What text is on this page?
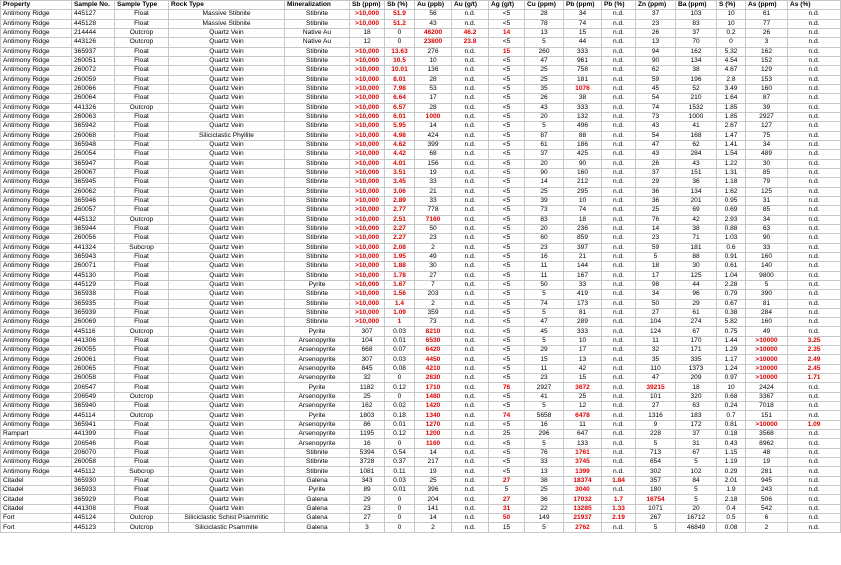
Property	Sample No.	Sample Type	Rock Type	Mineralization	Sb (ppm)	Sb (%)	Au (ppb)	Au (g/t)	Ag (g/t)	Cu (ppm)	Pb (ppm)	Pb (%)	Zn (ppm)	Ba (ppm)	S (%)	As (ppm)	As (%)
Antimony Ridge	445127	Float	Massive Stibnite	Stibnite	>10,000	51.9	56	n.d.	<5	28	34	n.d.	37	103	10	61	n.d.
Antimony Ridge	445128	Float	Massive Stibnite	Stibnite	>10,000	51.2	43	n.d.	<5	78	74	n.d.	23	83	10	77	n.d.
Antimony Ridge	214444	Outcrop	Quartz Vein	Native Au	18	0	46200	46.2	14	13	15	n.d.	26	37	0.2	26	n.d.
Antimony Ridge	443126	Outcrop	Quartz Vein	Native Au	12	0	23800	23.8	<5	5	44	n.d.	13	70	0	3	n.d.
Antimony Ridge	365937	Float	Quartz Vein	Stibnite	>10,000	13.63	276	n.d.	15	260	333	n.d.	94	162	5.32	162	n.d.
Antimony Ridge	260051	Float	Quartz Vein	Stibnite	>10,000	10.5	10	n.d.	<5	47	961	n.d.	90	134	4.54	152	n.d.
Antimony Ridge	260072	Float	Quartz Vein	Stibnite	>10,000	10.01	136	n.d.	<5	25	758	n.d.	62	38	4.67	129	n.d.
Antimony Ridge	260059	Float	Quartz Vein	Stibnite	>10,000	8.01	28	n.d.	<5	25	181	n.d.	59	196	2.8	153	n.d.
Antimony Ridge	260066	Float	Quartz Vein	Stibnite	>10,000	7.98	53	n.d.	<5	35	1076	n.d.	45	52	3.49	160	n.d.
Antimony Ridge	260064	Float	Quartz Vein	Stibnite	>10,000	6.64	17	n.d.	<5	26	38	n.d.	54	210	1.64	87	n.d.
Antimony Ridge	441326	Outcrop	Quartz Vein	Stibnite	>10,000	6.57	28	n.d.	<5	43	333	n.d.	74	1532	1.85	39	n.d.
Antimony Ridge	260063	Float	Quartz Vein	Stibnite	>10,000	6.01	1000	n.d.	<5	20	132	n.d.	73	1000	1.85	2927	n.d.
Antimony Ridge	365942	Float	Quartz Vein	Stibnite	>10,000	5.95	14	n.d.	<5	5	496	n.d.	43	41	2.67	127	n.d.
Antimony Ridge	260068	Float	Siliciclastic Phyllite	Stibnite	>10,000	4.98	424	n.d.	<5	87	88	n.d.	54	168	1.47	75	n.d.
Antimony Ridge	365948	Float	Quartz Vein	Stibnite	>10,000	4.62	399	n.d.	<5	61	186	n.d.	47	62	1.41	34	n.d.
Antimony Ridge	260054	Float	Quartz Vein	Stibnite	>10,000	4.42	68	n.d.	<5	37	425	n.d.	43	284	1.54	489	n.d.
Antimony Ridge	365947	Float	Quartz Vein	Stibnite	>10,000	4.01	156	n.d.	<5	20	90	n.d.	26	43	1.22	30	n.d.
Antimony Ridge	260067	Float	Quartz Vein	Stibnite	>10,000	3.51	19	n.d.	<5	90	160	n.d.	37	151	1.31	85	n.d.
Antimony Ridge	365945	Float	Quartz Vein	Stibnite	>10,000	3.45	33	n.d.	<5	14	212	n.d.	29	36	1.18	79	n.d.
Antimony Ridge	260062	Float	Quartz Vein	Stibnite	>10,000	3.06	21	n.d.	<5	25	295	n.d.	36	134	1.62	125	n.d.
Antimony Ridge	365946	Float	Quartz Vein	Stibnite	>10,000	2.89	33	n.d.	<5	39	10	n.d.	36	201	0.95	31	n.d.
Antimony Ridge	260057	Float	Quartz Vein	Stibnite	>10,000	2.77	778	n.d.	<5	73	74	n.d.	25	69	0.69	85	n.d.
Antimony Ridge	445132	Outcrop	Quartz Vein	Stibnite	>10,000	2.51	7160	n.d.	<5	83	18	n.d.	76	42	2.93	34	n.d.
Antimony Ridge	365944	Float	Quartz Vein	Stibnite	>10,000	2.27	50	n.d.	<5	20	236	n.d.	14	38	0.88	63	n.d.
Antimony Ridge	260056	Float	Quartz Vein	Stibnite	>10,000	2.27	23	n.d.	<5	60	859	n.d.	23	71	1.03	90	n.d.
Antimony Ridge	441324	Subcrop	Quartz Vein	Stibnite	>10,000	2.08	2	n.d.	<5	23	397	n.d.	59	181	0.6	33	n.d.
Antimony Ridge	365943	Float	Quartz Vein	Stibnite	>10,000	1.95	49	n.d.	<5	16	21	n.d.	5	88	0.91	160	n.d.
Antimony Ridge	260071	Float	Quartz Vein	Stibnite	>10,000	1.88	30	n.d.	<5	11	144	n.d.	18	30	0.61	140	n.d.
Antimony Ridge	445130	Float	Quartz Vein	Stibnite	>10,000	1.78	27	n.d.	<5	11	167	n.d.	17	125	1.04	9800	n.d.
Antimony Ridge	445129	Float	Quartz Vein	Pyrite	>10,000	1.67	7	n.d.	<5	50	33	n.d.	98	44	2.28	5	n.d.
Antimony Ridge	365938	Float	Quartz Vein	Stibnite	>10,000	1.56	203	n.d.	<5	5	419	n.d.	34	96	0.79	390	n.d.
Antimony Ridge	365935	Float	Quartz Vein	Stibnite	>10,000	1.4	2	n.d.	<5	74	173	n.d.	50	29	0.67	81	n.d.
Antimony Ridge	365939	Float	Quartz Vein	Stibnite	>10,000	1.09	359	n.d.	<5	5	81	n.d.	27	61	0.38	284	n.d.
Antimony Ridge	260069	Float	Quartz Vein	Stibnite	>10,000	1	73	n.d.	<5	47	289	n.d.	104	274	5.82	160	n.d.
Antimony Ridge	445116	Outcrop	Quartz Vein	Pyrite	307	0.03	8210	n.d.	<5	45	333	n.d.	124	67	0.75	49	n.d.
Antimony Ridge	441306	Float	Quartz Vein	Arsenopyrite	104	0.01	6530	n.d.	<5	5	10	n.d.	11	170	1.44	>10000	3.25
Antimony Ridge	260055	Float	Quartz Vein	Arsenopyrite	668	0.07	6420	n.d.	<5	29	17	n.d.	32	171	1.29	>10000	2.35
Antimony Ridge	260061	Float	Quartz Vein	Arsenopyrite	307	0.03	4450	n.d.	<5	15	13	n.d.	35	335	1.17	>10000	2.49
Antimony Ridge	260065	Float	Quartz Vein	Arsenopyrite	845	0.08	4210	n.d.	<5	11	42	n.d.	110	1373	1.24	>10000	2.45
Antimony Ridge	260058	Float	Quartz Vein	Arsenopyrite	32	0	2830	n.d.	<5	23	15	n.d.	47	209	0.97	>10000	1.71
Antimony Ridge	206547	Float	Quartz Vein	Pyrite	1182	0.12	1710	n.d.	76	2927	3672	n.d.	39215	18	10	2424	n.d.
Antimony Ridge	206549	Outcrop	Quartz Vein	Arsenopyrite	25	0	1480	n.d.	<5	41	25	n.d.	101	320	0.68	3367	n.d.
Antimony Ridge	365940	Float	Quartz Vein	Arsenopyrite	162	0.02	1420	n.d.	<5	5	12	n.d.	27	63	0.24	7018	n.d.
Antimony Ridge	445114	Outcrop	Quartz Vein	Pyrite	1803	0.18	1340	n.d.	74	5658	6478	n.d.	1316	183	0.7	151	n.d.
Antimony Ridge	365941	Float	Quartz Vein	Arsenopyrite	86	0.01	1270	n.d.	<5	16	11	n.d.	9	172	0.81	>10000	1.09
Rampart	441399	Float	Quartz Vein	Arsenopyrite	1195	0.12	1200	n.d.	25	296	647	n.d.	228	37	0.18	3568	n.d.
Antimony Ridge	206546	Float	Quartz Vein	Arsenopyrite	16	0	1160	n.d.	<5	5	133	n.d.	5	31	0.43	8962	n.d.
Antimony Ridge	206070	Float	Quartz Vein	Stibnite	5394	0.54	14	n.d.	<5	76	1761	n.d.	713	67	1.15	48	n.d.
Antimony Ridge	260058	Float	Quartz Vein	Stibnite	3728	0.37	217	n.d.	<5	33	3745	n.d.	654	5	1.19	19	n.d.
Antimony Ridge	445112	Subcrop	Quartz Vein	Stibnite	1081	0.11	19	n.d.	<5	13	1399	n.d.	302	102	0.29	281	n.d.
Citadel	365930	Float	Quartz Vein	Galena	343	0.03	25	n.d.	27	38	18374	1.84	357	84	2.01	945	n.d.
Citadel	365933	Float	Quartz Vein	Pyrite	89	0.01	396	n.d.	5	25	3040	n.d.	180	5	1.9	243	n.d.
Citadel	365929	Float	Quartz Vein	Galena	29	0	204	n.d.	27	36	17032	1.7	16754	5	2.18	506	n.d.
Citadel	441308	Float	Quartz Vein	Galena	23	0	141	n.d.	31	22	13285	1.33	1071	20	0.4	542	n.d.
Fort	445124	Outcrop	Siliciclastic Schist Psammitic	Galena	27	0	14	n.d.	50	149	21937	2.19	267	16712	0.5	6	n.d.
Fort	445123	Outcrop	Siliciclastic Psammite	Galena	3	0	2	n.d.	15	5	2762	n.d.	5	46849	0.08	2	n.d.
